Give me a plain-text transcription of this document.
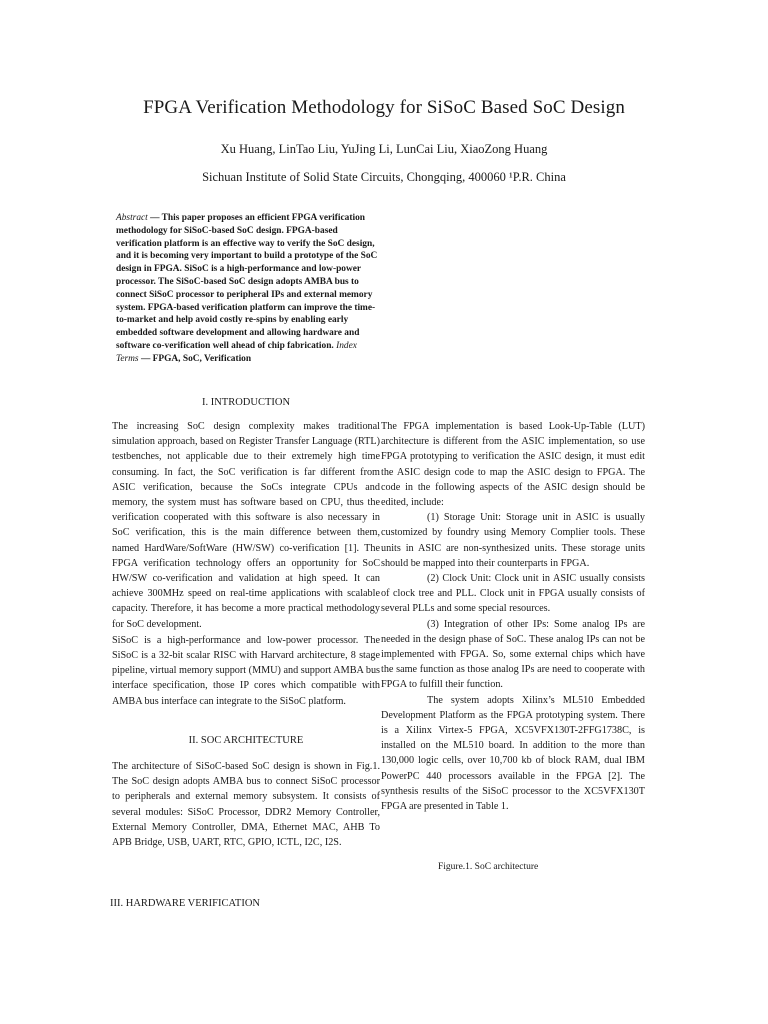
FPGA Verification Methodology for SiSoC Based SoC Design
Xu Huang, LinTao Liu, YuJing Li, LunCai Liu, XiaoZong Huang
Sichuan Institute of Solid State Circuits, Chongqing, 400060 ¹P.R. China
Abstract — This paper proposes an efficient FPGA verification methodology for SiSoC-based SoC design. FPGA-based verification platform is an effective way to verify the SoC design, and it is becoming very important to build a prototype of the SoC design in FPGA. SiSoC is a high-performance and low-power processor. The SiSoC-based SoC design adopts AMBA bus to connect SiSoC processor to peripheral IPs and external memory system. FPGA-based verification platform can improve the time-to-market and help avoid costly re-spins by enabling early embedded software development and allowing hardware and software co-verification well ahead of chip fabrication. Index Terms — FPGA, SoC, Verification
I. INTRODUCTION

The increasing SoC design complexity makes traditional simulation approach, based on Register Transfer Language (RTL) testbenches, not applicable due to their extremely high time consuming. In fact, the SoC verification is far different from ASIC verification, because the SoCs integrate CPUs and memory, the system must has software based on CPU, thus the verification cooperated with this software is also necessary in SoC verification, this is the main difference between them, named HardWare/SoftWare (HW/SW) co-verification [1]. The FPGA verification technology offers an opportunity for SoC HW/SW co-verification and validation at high speed. It can achieve 300MHz speed on real-time applications with scalable capacity. Therefore, it has become a more practical methodology for SoC development.

SiSoC is a high-performance and low-power processor. The SiSoC is a 32-bit scalar RISC with Harvard architecture, 8 stage pipeline, virtual memory support (MMU) and support AMBA bus interface specification, those IP cores which compatible with AMBA bus interface can integrate to the SiSoC platform.

II. SOC ARCHITECTURE

The architecture of SiSoC-based SoC design is shown in Fig.1. The SoC design adopts AMBA bus to connect SiSoC processor to peripherals and external memory subsystem. It consists of several modules: SiSoC Processor, DDR2 Memory Controller, External Memory Controller, DMA, Ethernet MAC, AHB To APB Bridge, USB, UART, RTC, GPIO, ICTL, I2C, I2S.

The FPGA implementation is based Look-Up-Table (LUT) architecture is different from the ASIC implementation, so use FPGA prototyping to verification the ASIC design, it must edit the ASIC design code to map the ASIC design to FPGA. The code in the following aspects of the ASIC design should be edited, include:

(1) Storage Unit: Storage unit in ASIC is usually customized by foundry using Memory Complier tools. These units in ASIC are non-synthesized units. These storage units should be mapped into their counterparts in FPGA.

(2) Clock Unit: Clock unit in ASIC usually consists of clock tree and PLL. Clock unit in FPGA usually consists of several PLLs and some special resources.

(3) Integration of other IPs: Some analog IPs are needed in the design phase of SoC. These analog IPs can not be implemented with FPGA. So, some external chips which have the same function as those analog IPs are need to cooperate with FPGA to fulfill their function.

The system adopts Xilinx’s ML510 Embedded Development Platform as the FPGA prototyping system. There is a Xilinx Virtex-5 FPGA, XC5VFX130T-2FFG1738C, is installed on the ML510 board. In addition to the more than 130,000 logic cells, over 10,700 kb of block RAM, dual IBM PowerPC 440 processors available in the FPGA [2]. The synthesis results of the SiSoC processor to the XC5VFX130T FPGA are presented in Table 1.

Figure.1. SoC architecture
III. HARDWARE VERIFICATION
